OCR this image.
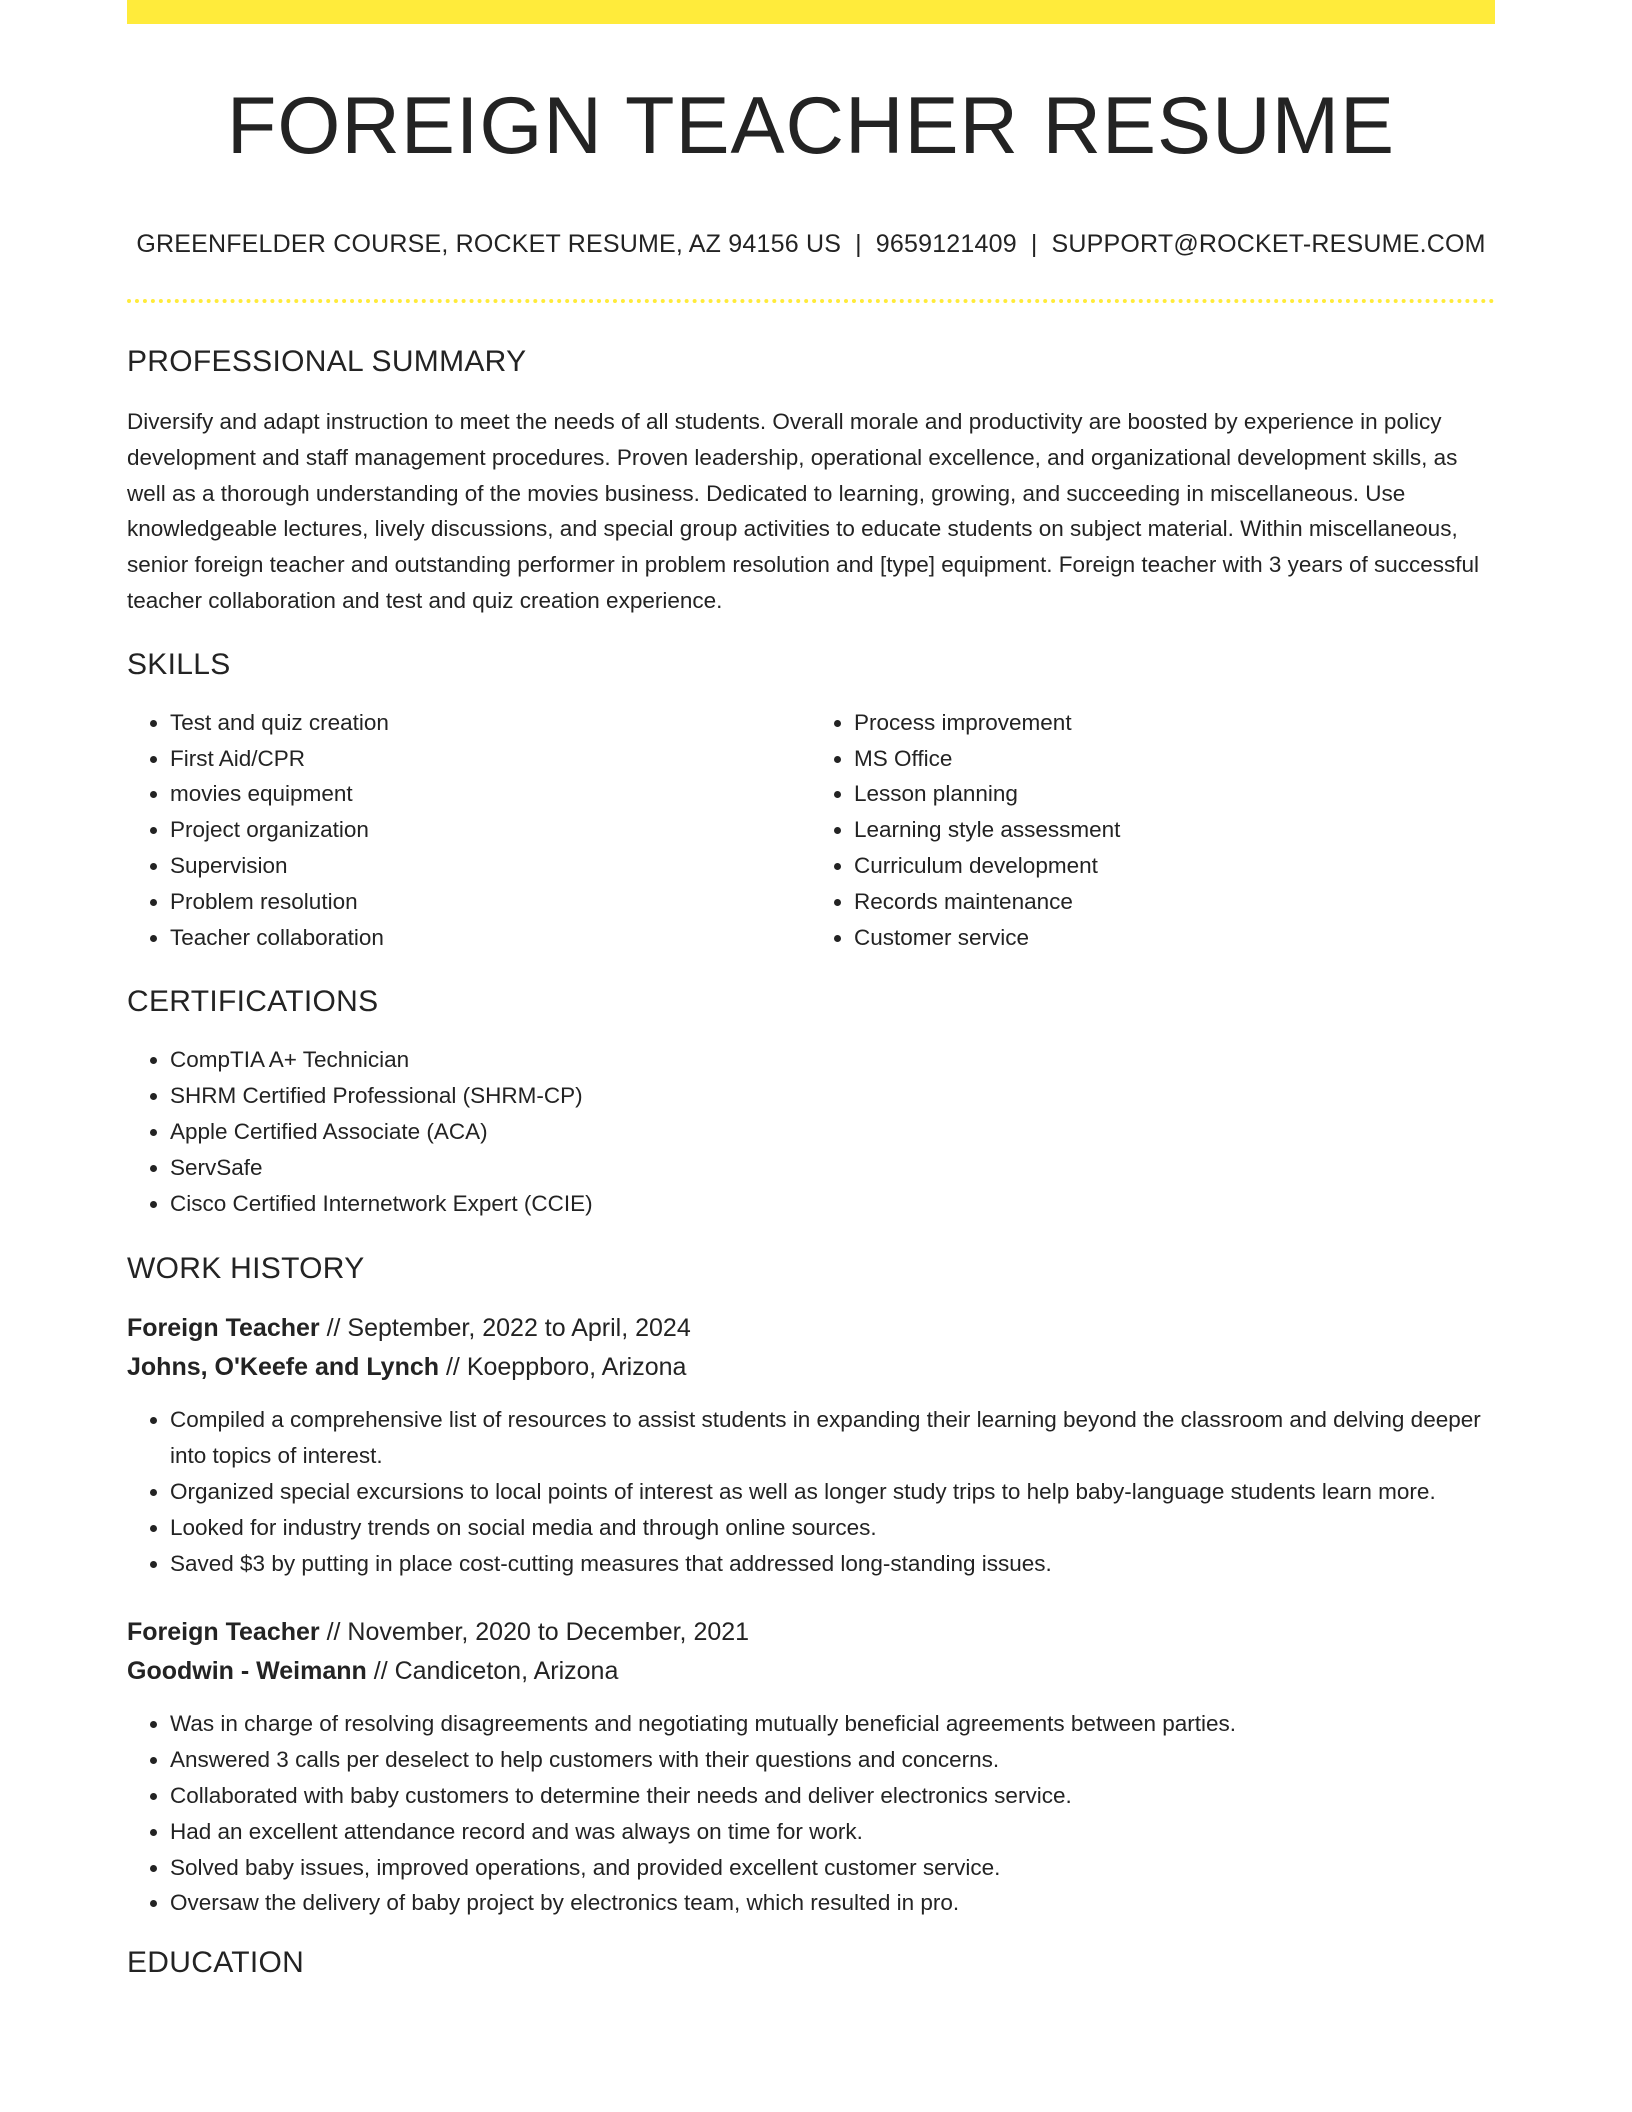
FOREIGN TEACHER RESUME
GREENFELDER COURSE, ROCKET RESUME, AZ 94156 US | 9659121409 | SUPPORT@ROCKET-RESUME.COM
PROFESSIONAL SUMMARY
Diversify and adapt instruction to meet the needs of all students. Overall morale and productivity are boosted by experience in policy development and staff management procedures. Proven leadership, operational excellence, and organizational development skills, as well as a thorough understanding of the movies business. Dedicated to learning, growing, and succeeding in miscellaneous. Use knowledgeable lectures, lively discussions, and special group activities to educate students on subject material. Within miscellaneous, senior foreign teacher and outstanding performer in problem resolution and [type] equipment. Foreign teacher with 3 years of successful teacher collaboration and test and quiz creation experience.
SKILLS
• Test and quiz creation
• First Aid/CPR
• movies equipment
• Project organization
• Supervision
• Problem resolution
• Teacher collaboration
• Process improvement
• MS Office
• Lesson planning
• Learning style assessment
• Curriculum development
• Records maintenance
• Customer service
CERTIFICATIONS
• CompTIA A+ Technician
• SHRM Certified Professional (SHRM-CP)
• Apple Certified Associate (ACA)
• ServSafe
• Cisco Certified Internetwork Expert (CCIE)
WORK HISTORY
Foreign Teacher // September, 2022 to April, 2024
Johns, O'Keefe and Lynch // Koeppboro, Arizona
• Compiled a comprehensive list of resources to assist students in expanding their learning beyond the classroom and delving deeper into topics of interest.
• Organized special excursions to local points of interest as well as longer study trips to help baby-language students learn more.
• Looked for industry trends on social media and through online sources.
• Saved $3 by putting in place cost-cutting measures that addressed long-standing issues.
Foreign Teacher // November, 2020 to December, 2021
Goodwin - Weimann // Candiceton, Arizona
• Was in charge of resolving disagreements and negotiating mutually beneficial agreements between parties.
• Answered 3 calls per deselect to help customers with their questions and concerns.
• Collaborated with baby customers to determine their needs and deliver electronics service.
• Had an excellent attendance record and was always on time for work.
• Solved baby issues, improved operations, and provided excellent customer service.
• Oversaw the delivery of baby project by electronics team, which resulted in pro.
EDUCATION
